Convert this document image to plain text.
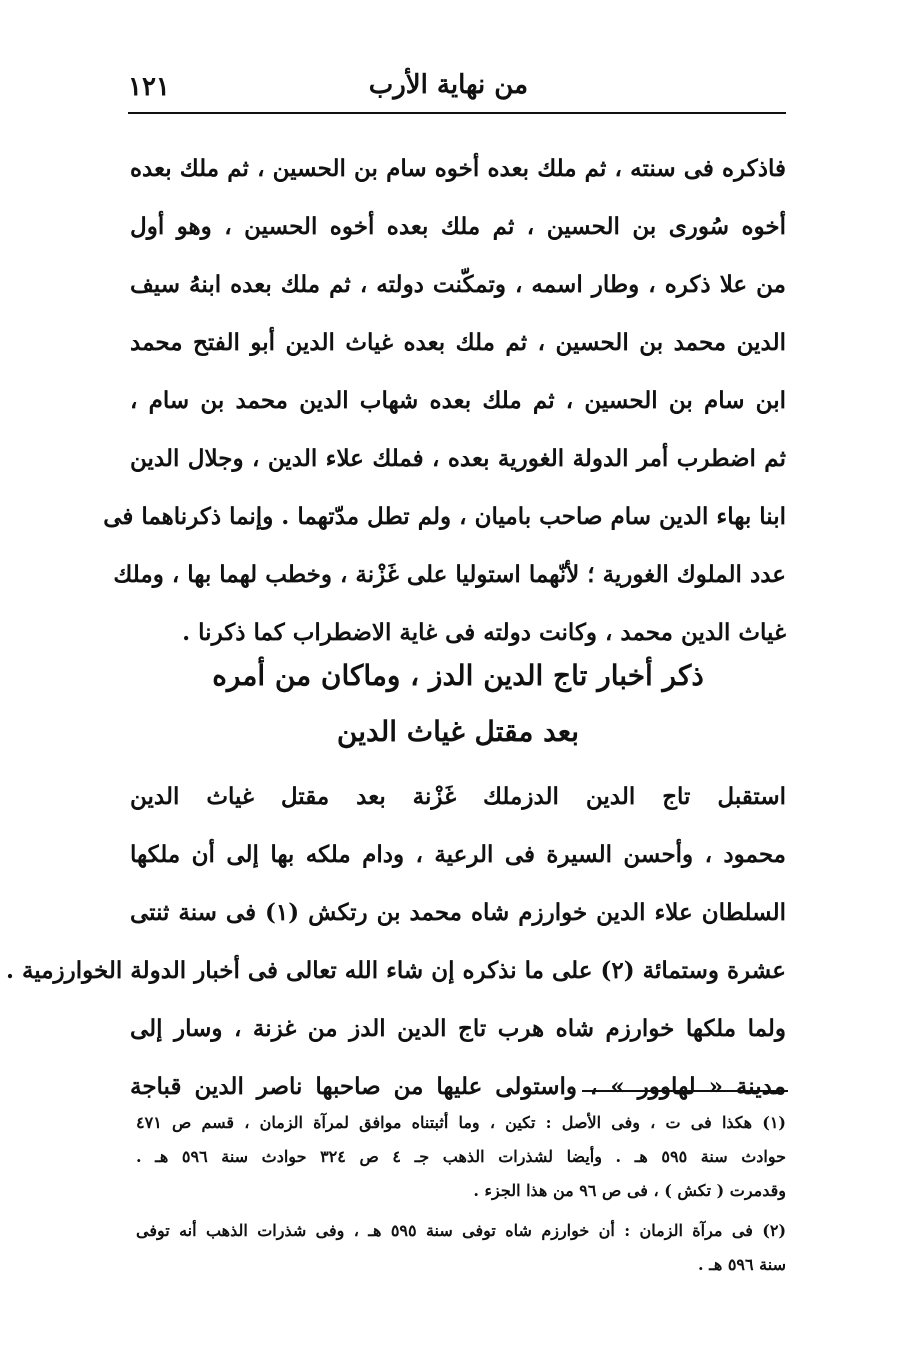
١٢١	من نهاية الأرب
فاذكره فى سنته ، ثم ملك بعده أخوه سام بن الحسين ، ثم ملك بعده
أخوه سُورى بن الحسين ، ثم ملك بعده أخوه الحسين ، وهو أول
من علا ذكره ، وطار اسمه ، وتمكّنت دولته ، ثم ملك بعده ابنهُ سيف
الدين محمد بن الحسين ، ثم ملك بعده غياث الدين أبو الفتح محمد
ابن سام بن الحسين ، ثم ملك بعده شهاب الدين محمد بن سام ،
ثم اضطرب أمر الدولة الغورية بعده ، فملك علاء الدين ، وجلال الدين
ابنا بهاء الدين سام صاحب باميان ، ولم تطل مدّتهما . وإنما ذكرناهما فى
عدد الملوك الغورية ؛ لأنّهما استوليا على غَزْنة ، وخطب لهما بها ، وملك
غياث الدين محمد ، وكانت دولته فى غاية الاضطراب كما ذكرنا .
ذكر أخبار تاج الدين الدز ، وماكان من أمره
بعد مقتل غياث الدين
استقبل تاج الدين الدزملك غَزْنة بعد مقتل غياث الدين
محمود ، وأحسن السيرة فى الرعية ، ودام ملكه بها إلى أن ملكها
السلطان علاء الدين خوارزم شاه محمد بن رتكش (١) فى سنة ثنتى
عشرة وستمائة (٢) على ما نذكره إن شاء الله تعالى فى أخبار الدولة الخوارزمية .
ولما ملكها خوارزم شاه هرب تاج الدين الدز من غزنة ، وسار إلى
مدينة « لهاوور » ، واستولى عليها من صاحبها ناصر الدين قباجة
(١) هكذا فى ت ، وفى الأصل : تكين ، وما أثبتناه موافق لمرآة الزمان ، قسم ص ٤٧١
حوادث سنة ٥٩٥ هـ . وأيضا لشذرات الذهب جـ ٤ ص ٣٢٤ حوادث سنة ٥٩٦ هـ .
وقدمرت ( تكش ) ، فى ص ٩٦ من هذا الجزء .
(٢) فى مرآة الزمان : أن خوارزم شاه توفى سنة ٥٩٥ هـ ، وفى شذرات الذهب أنه توفى
سنة ٥٩٦ هـ .
